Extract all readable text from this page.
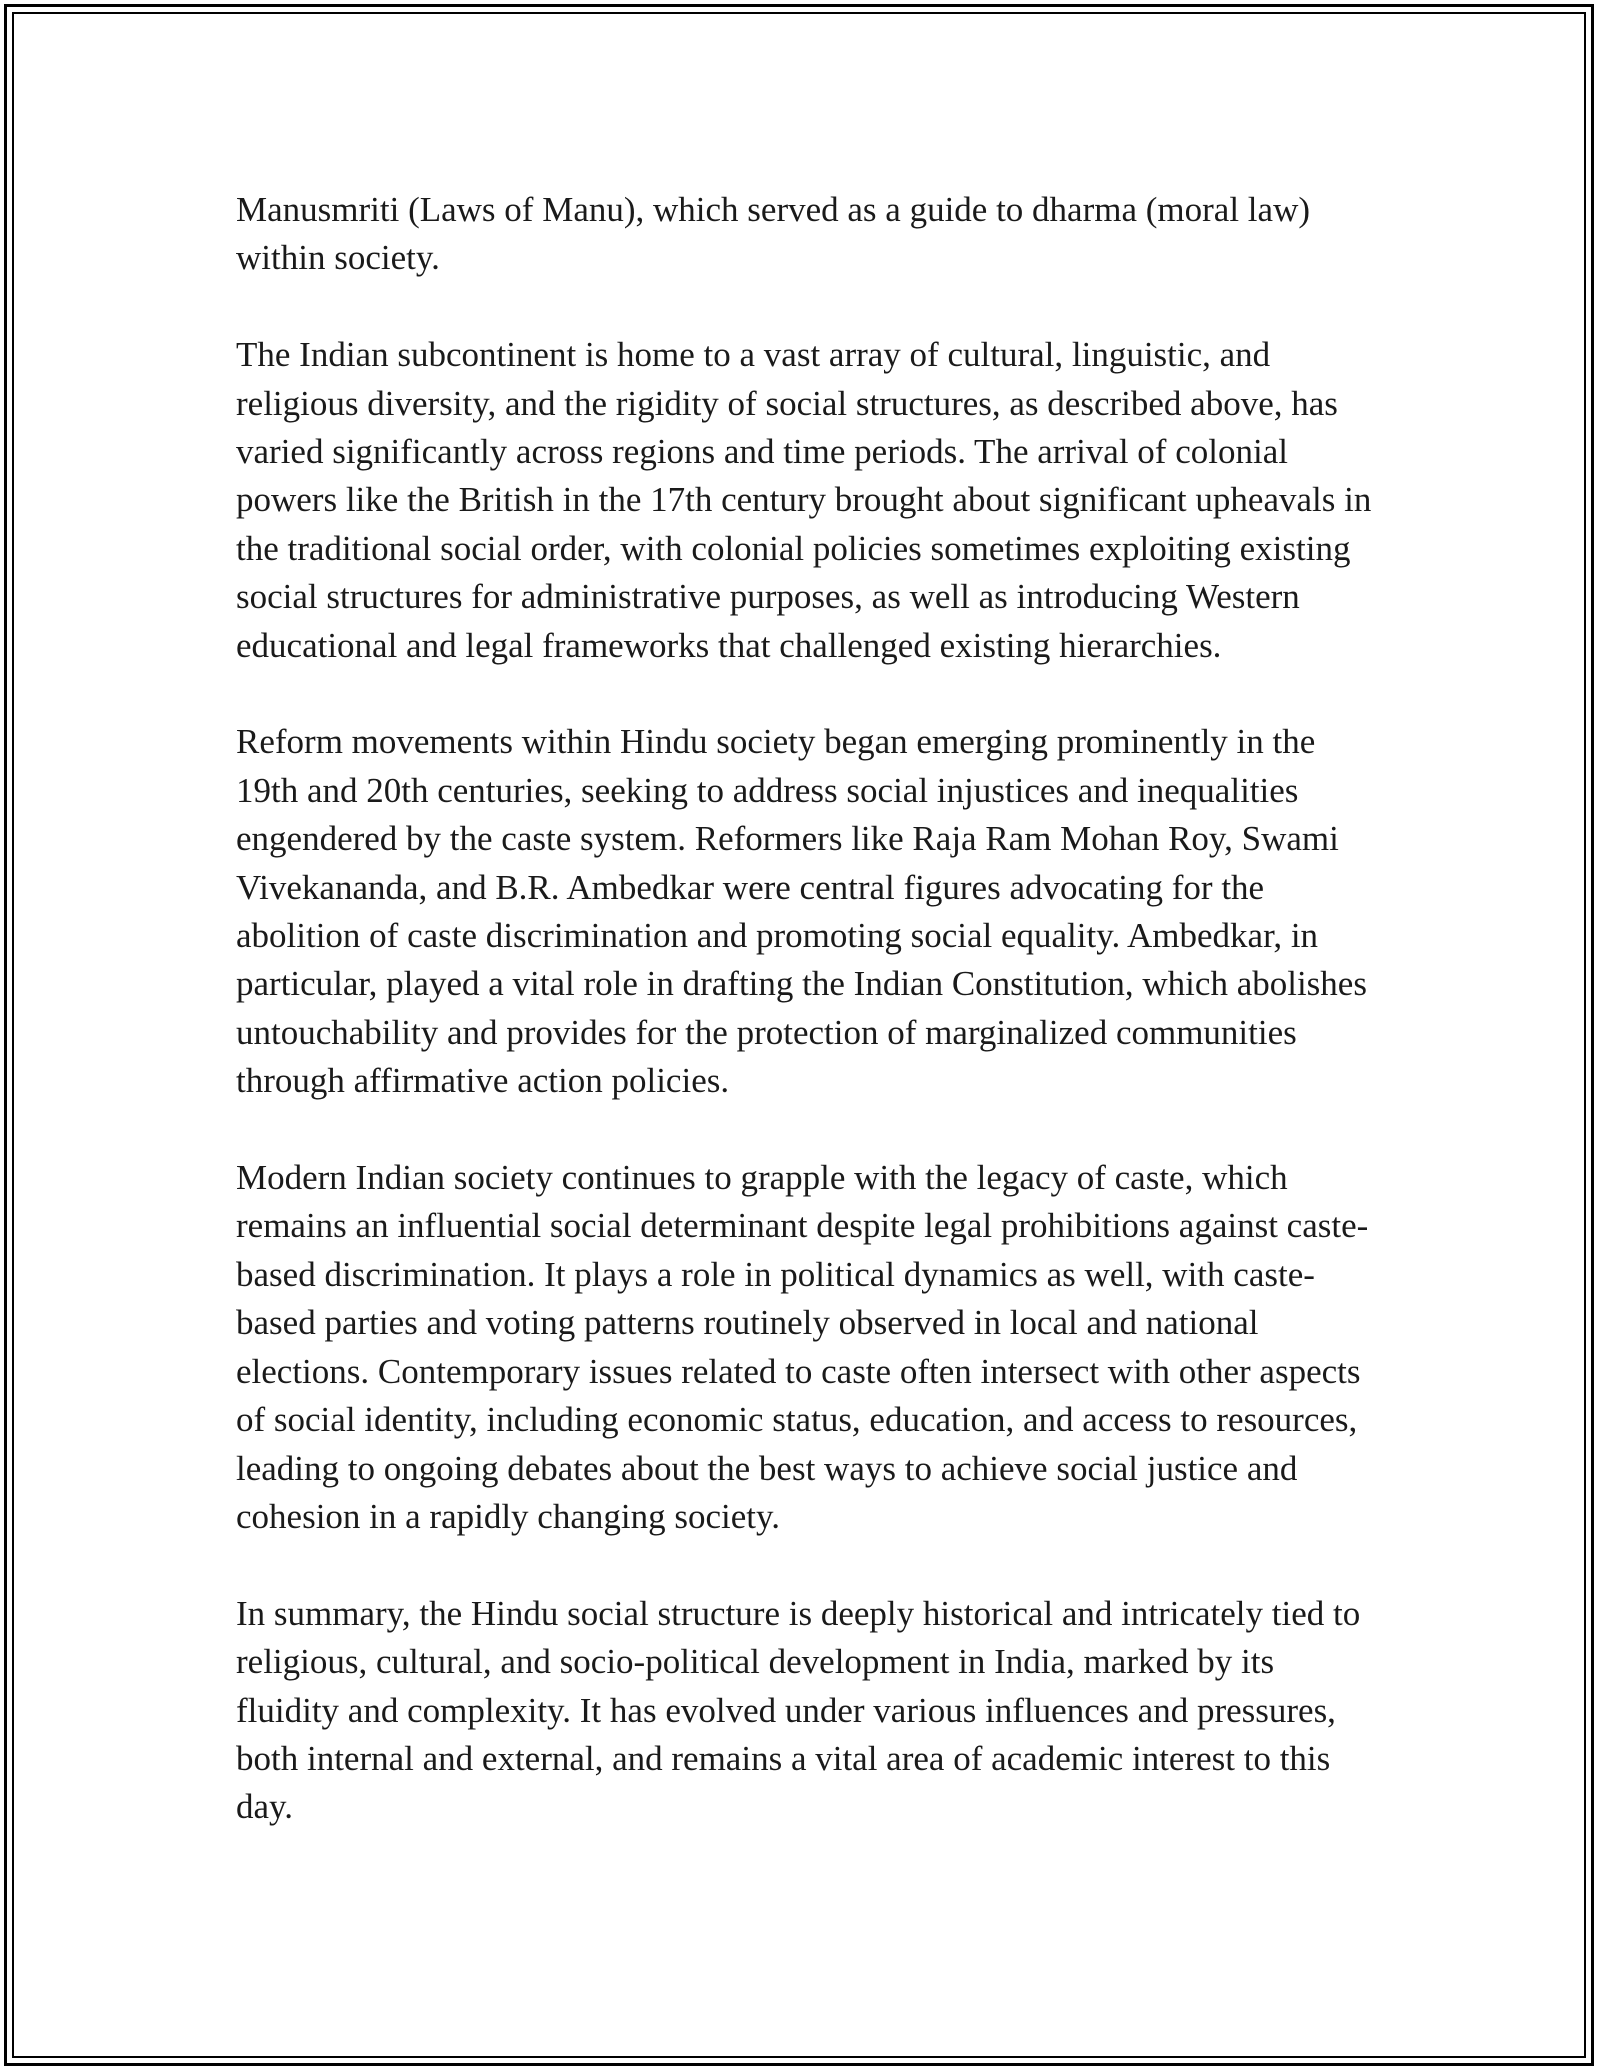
Manusmriti (Laws of Manu), which served as a guide to dharma (moral law) within society.

The Indian subcontinent is home to a vast array of cultural, linguistic, and religious diversity, and the rigidity of social structures, as described above, has varied significantly across regions and time periods. The arrival of colonial powers like the British in the 17th century brought about significant upheavals in the traditional social order, with colonial policies sometimes exploiting existing social structures for administrative purposes, as well as introducing Western educational and legal frameworks that challenged existing hierarchies.

Reform movements within Hindu society began emerging prominently in the 19th and 20th centuries, seeking to address social injustices and inequalities engendered by the caste system. Reformers like Raja Ram Mohan Roy, Swami Vivekananda, and B.R. Ambedkar were central figures advocating for the abolition of caste discrimination and promoting social equality. Ambedkar, in particular, played a vital role in drafting the Indian Constitution, which abolishes untouchability and provides for the protection of marginalized communities through affirmative action policies.

Modern Indian society continues to grapple with the legacy of caste, which remains an influential social determinant despite legal prohibitions against caste-based discrimination. It plays a role in political dynamics as well, with caste-based parties and voting patterns routinely observed in local and national elections. Contemporary issues related to caste often intersect with other aspects of social identity, including economic status, education, and access to resources, leading to ongoing debates about the best ways to achieve social justice and cohesion in a rapidly changing society.

In summary, the Hindu social structure is deeply historical and intricately tied to religious, cultural, and socio-political development in India, marked by its fluidity and complexity. It has evolved under various influences and pressures, both internal and external, and remains a vital area of academic interest to this day.
